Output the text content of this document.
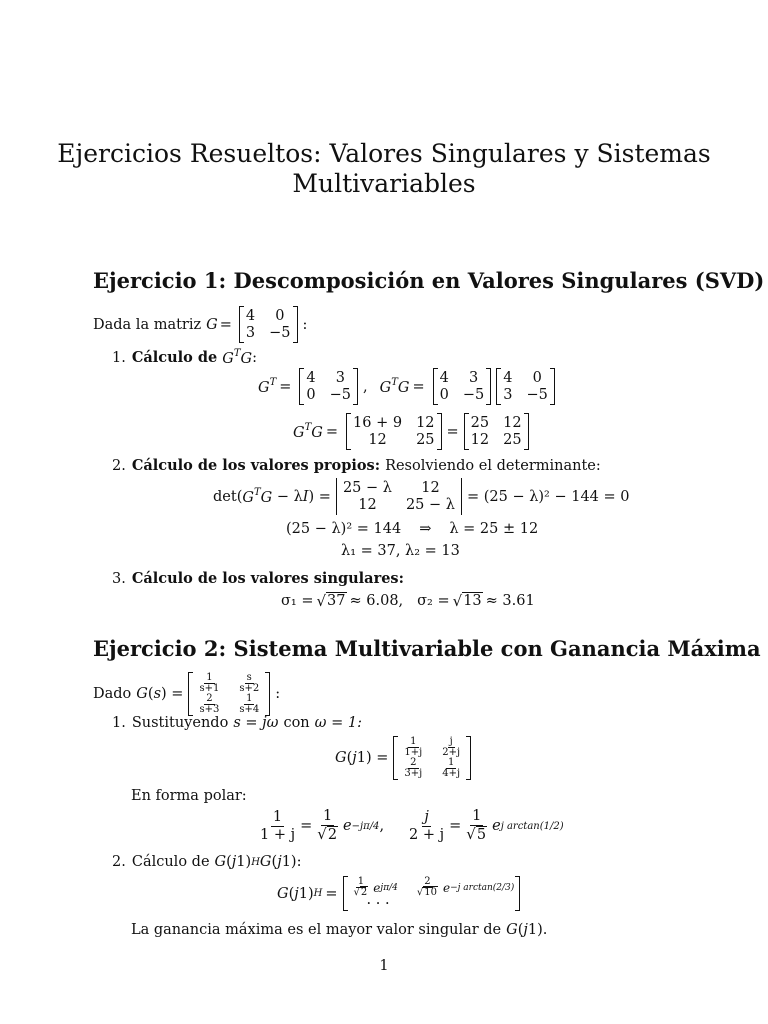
Ejercicios Resueltos: Valores Singulares y Sistemas
Multivariables
Ejercicio 1: Descomposición en Valores Singulares (SVD)
Dada la matriz G =
4	0
3 −5
:
1. Cálculo de $G^TG$ :
$G^T$ =
4	3
0 −5
, $G^TG$ =
4	3
0 −5
4	0
3 −5
$G^TG$ =
16 + 9 12
12	25
=
25 12
12 25
2. Cálculo de los valores propios: Resolviendo el determinante:
det( $G^TG - \lambda$ I ) =
25 − λ	12
12	25 − λ
= (25 − λ)² − 144 = 0
(25 − λ)² = 144 ⇒ λ = 25 ± 12
λ₁ = 37, λ₂ = 13
3. Cálculo de los valores singulares:
σ₁ = √ 37 ≈ 6.08, σ₂ = √ 13 ≈ 3.61
Ejercicio 2: Sistema Multivariable con Ganancia Máxima
Dado G ( s ) = $\frac{1}{s+1} \frac{s}{s+2}$
$\frac{2}{s+3} \frac{1}{s+4}$ :
1. Sustituyendo s = jω con ω = 1:
G ( j $1) = \frac{1}{1+j} \frac{j}{2+j}$
$\frac{2}{3+j} \frac{1}{4+j}$
En forma polar:
$\frac{1}{1 + j} = \frac{1}{√2}$ e −jπ/4 , $\frac{j}{2 + j} = \frac{1}{√5}$ e j arctan(1/2)
2. Cálculo de G ( j 1) H G ( j 1):
G ( j 1) $H = \frac{1}{√2}$ e $j\pi/4 \frac{2}{√10}$ e −j arctan(2/3)
· · ·
La ganancia máxima es el mayor valor singular de G ( j 1).
1
